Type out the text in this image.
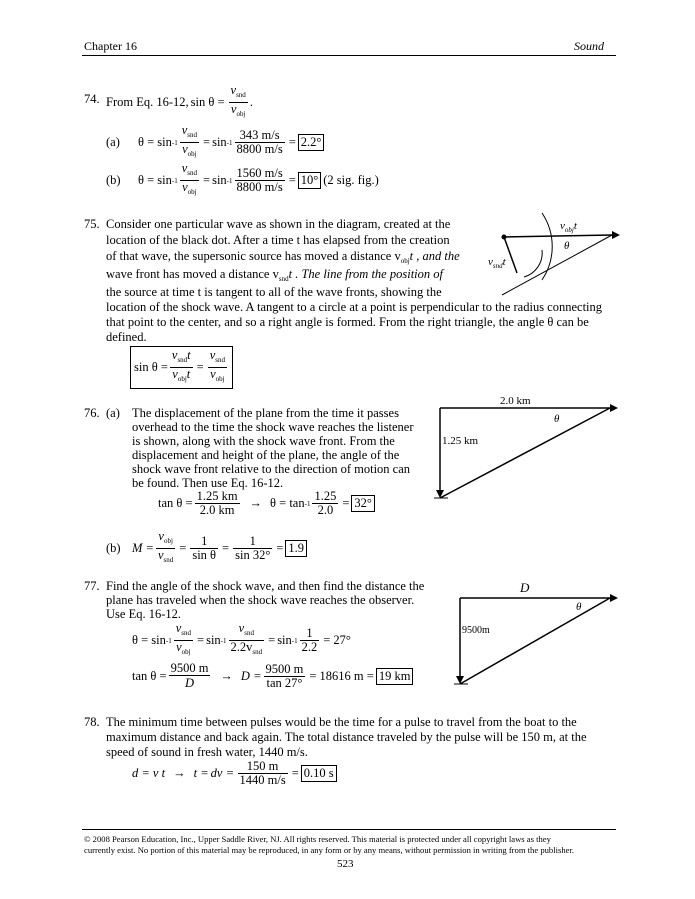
Chapter 16	Sound
74. From Eq. 16-12, $\sin \theta = \frac{v_{snd}}{v_{obj}}$ .
(a)	$\theta = \sin -1 \frac{v_{snd}}{v_{obj}} = \sin -1 \frac{343 m/s}{8800 m/s} = 2.2^\circ$
(b)	$\theta = \sin -1 \frac{v_{snd}}{v_{obj}} = \sin -1 \frac{1560 m/s}{8800 m/s} = 10^\circ$ (2 sig. fig.)
75. Consider one particular wave as shown in the diagram, created at the
location of the black dot. After a time t has elapsed from the creation
of that wave, the supersonic source has moved a distance $v_{obj}t$ , and the
wave front has moved a distance $v_{snd}t$ . The line from the position of
the source at time t is tangent to all of the wave fronts, showing the
location of the shock wave. A tangent to a circle at a point is perpendicular to the radius connecting
that point to the center, and so a right angle is formed. From the right triangle, the angle θ can be
defined.
$\sin \theta = \frac{v_{snd}t}{v_{obj}t} = \frac{v_{snd}}{v_{obj}}$
$v_{obj}t$
θ
$v_{snd}t$
76. (a) The displacement of the plane from the time it passes
overhead to the time the shock wave reaches the listener
is shown, along with the shock wave front. From the
displacement and height of the plane, the angle of the
shock wave front relative to the direction of motion can
be found. Then use Eq. 16-12.
$\tan \theta = \frac{1.25 km}{2.0 km} \to \theta = \tan -1 \frac{1.25}{2.0} = 32^\circ$
(b) $M = \frac{v_{obj}}{v_{snd}} = \frac{1}{\text{sin θ}} = \frac{1}{\sin 32^\circ} = 1.9$
2.0 km
1.25 km
θ
77. Find the angle of the shock wave, and then find the distance the
plane has traveled when the shock wave reaches the observer.
Use Eq. 16-12.
$\theta = \sin -1 \frac{v_{snd}}{v_{obj}} = \sin -1 \frac{v_{snd}}{2.2v_{snd}} = \sin -1 \frac{1}{2.2} = 27^\circ$
$\tan \theta = \frac{9500 m}{D} \to D = \frac{9500 m}{\tan 27^\circ} = 18616$ m = 19 km
D
9500m
θ
78. The minimum time between pulses would be the time for a pulse to travel from the boat to the
maximum distance and back again. The total distance traveled by the pulse will be 150 m, at the
speed of sound in fresh water, 1440 m/s.
d = v t → t = dv = $\frac{150 m}{1440 m/s} = 0.10$ s
© 2008 Pearson Education, Inc., Upper Saddle River, NJ. All rights reserved. This material is protected under all copyright laws as they
currently exist. No portion of this material may be reproduced, in any form or by any means, without permission in writing from the publisher.
523
